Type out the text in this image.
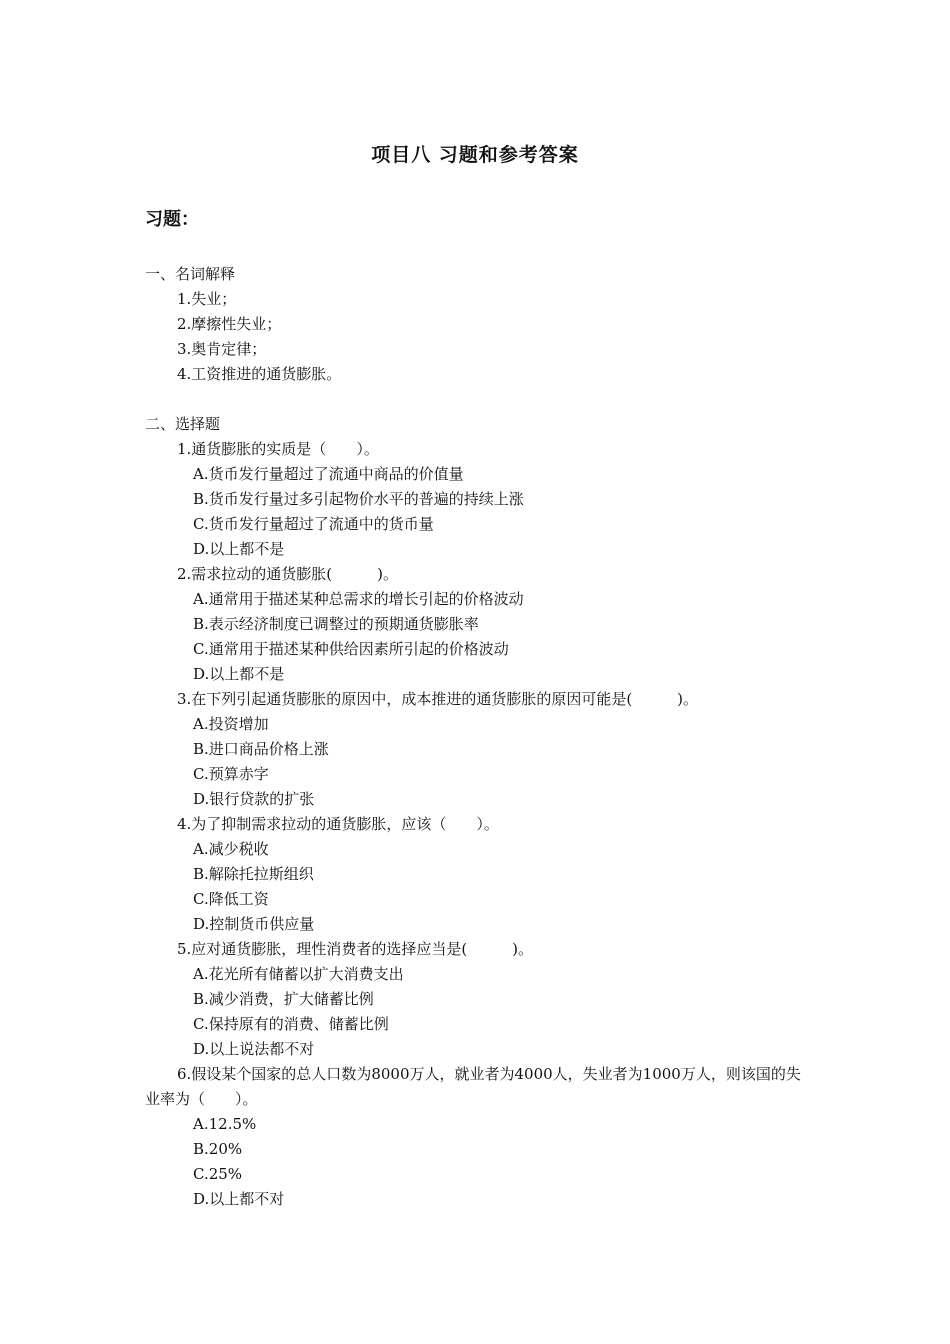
项目八 习题和参考答案
习题：
一、名词解释
1.失业；
2.摩擦性失业；
3.奥肯定律；
4.工资推进的通货膨胀。
二、选择题
1.通货膨胀的实质是（　　）。
A.货币发行量超过了流通中商品的价值量
B.货币发行量过多引起物价水平的普遍的持续上涨
C.货币发行量超过了流通中的货币量
D.以上都不是
2.需求拉动的通货膨胀(　　　)。
A.通常用于描述某种总需求的增长引起的价格波动
B.表示经济制度已调整过的预期通货膨胀率
C.通常用于描述某种供给因素所引起的价格波动
D.以上都不是
3.在下列引起通货膨胀的原因中，成本推进的通货膨胀的原因可能是(　　　)。
A.投资增加
B.进口商品价格上涨
C.预算赤字
D.银行贷款的扩张
4.为了抑制需求拉动的通货膨胀，应该（　　）。
A.减少税收
B.解除托拉斯组织
C.降低工资
D.控制货币供应量
5.应对通货膨胀，理性消费者的选择应当是(　　　)。
A.花光所有储蓄以扩大消费支出
B.减少消费，扩大储蓄比例
C.保持原有的消费、储蓄比例
D.以上说法都不对
6.假设某个国家的总人口数为8000万人，就业者为4000人，失业者为1000万人，则该国的失业率为（　　）。
A.12.5%
B.20%
C.25%
D.以上都不对
